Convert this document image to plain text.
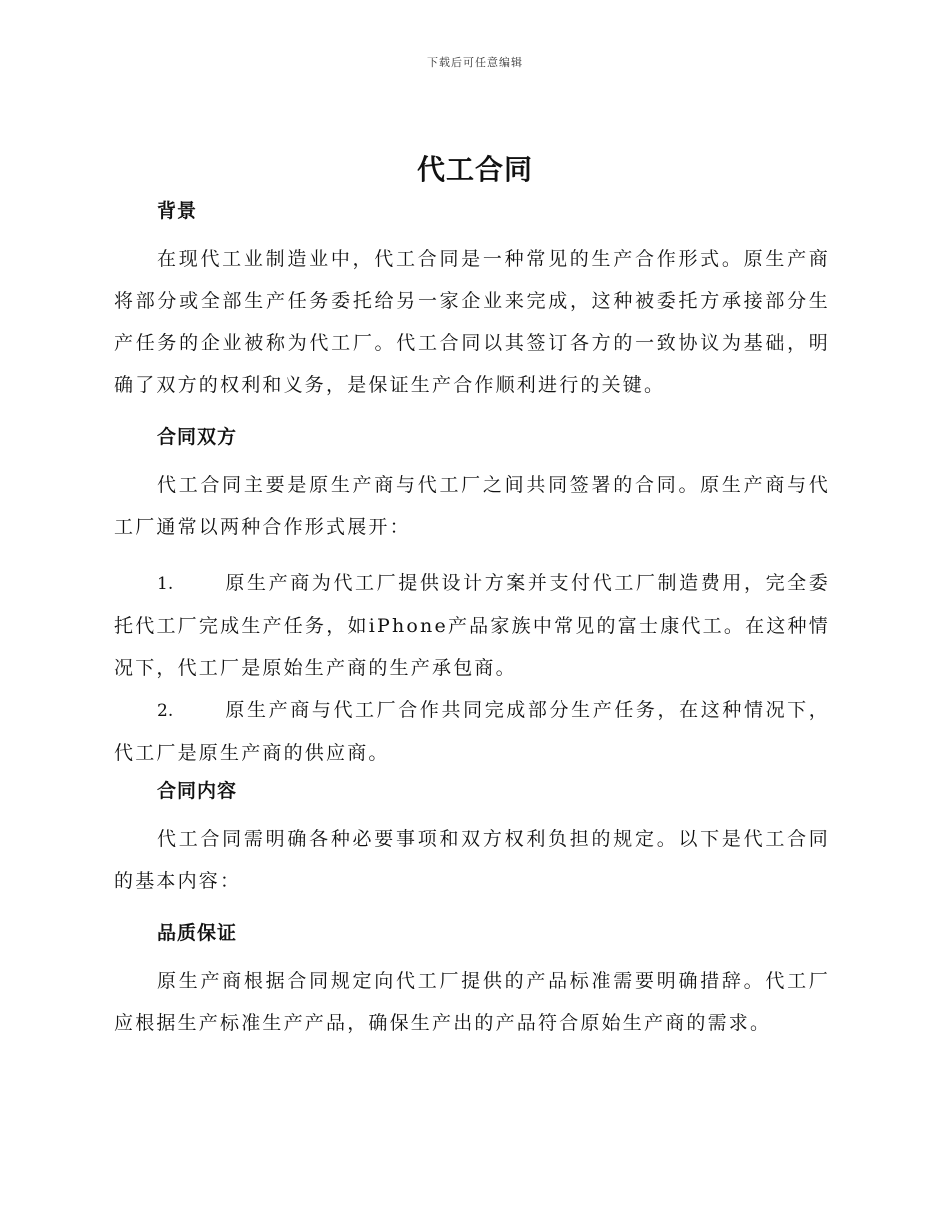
下载后可任意编辑
代工合同

背景

在现代工业制造业中，代工合同是一种常见的生产合作形式。原生产商将部分或全部生产任务委托给另一家企业来完成，这种被委托方承接部分生产任务的企业被称为代工厂。代工合同以其签订各方的一致协议为基础，明确了双方的权利和义务，是保证生产合作顺利进行的关键。

合同双方

代工合同主要是原生产商与代工厂之间共同签署的合同。原生产商与代工厂通常以两种合作形式展开：

1.	原生产商为代工厂提供设计方案并支付代工厂制造费用，完全委托代工厂完成生产任务，如iPhone产品家族中常见的富士康代工。在这种情况下，代工厂是原始生产商的生产承包商。

2.	原生产商与代工厂合作共同完成部分生产任务，在这种情况下，代工厂是原生产商的供应商。

合同内容

代工合同需明确各种必要事项和双方权利负担的规定。以下是代工合同的基本内容：

品质保证

原生产商根据合同规定向代工厂提供的产品标准需要明确措辞。代工厂应根据生产标准生产产品，确保生产出的产品符合原始生产商的需求。
